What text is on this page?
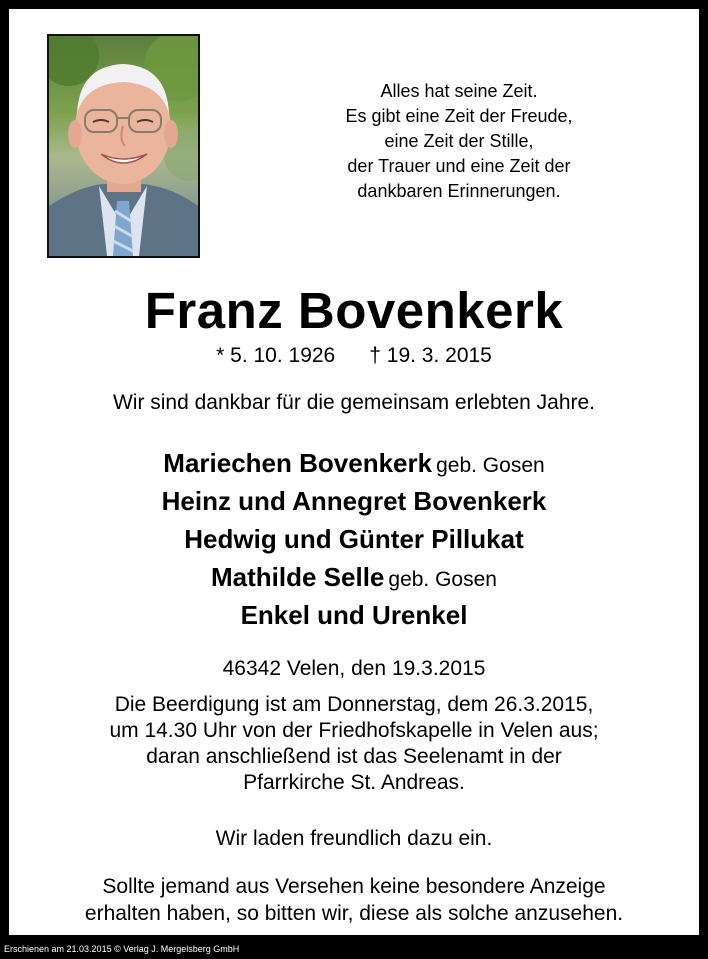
Alles hat seine Zeit.
Es gibt eine Zeit der Freude,
eine Zeit der Stille,
der Trauer und eine Zeit der
dankbaren Erinnerungen.
Franz Bovenkerk
* 5. 10. 1926 † 19. 3. 2015
Wir sind dankbar für die gemeinsam erlebten Jahre.
Mariechen Bovenkerk geb. Gosen
Heinz und Annegret Bovenkerk
Hedwig und Günter Pillukat
Mathilde Selle geb. Gosen
Enkel und Urenkel
46342 Velen, den 19.3.2015
Die Beerdigung ist am Donnerstag, dem 26.3.2015,
um 14.30 Uhr von der Friedhofskapelle in Velen aus;
daran anschließend ist das Seelenamt in der
Pfarrkirche St. Andreas.
Wir laden freundlich dazu ein.
Sollte jemand aus Versehen keine besondere Anzeige
erhalten haben, so bitten wir, diese als solche anzusehen.
Erschienen am 21.03.2015 © Verlag J. Mergelsberg GmbH
